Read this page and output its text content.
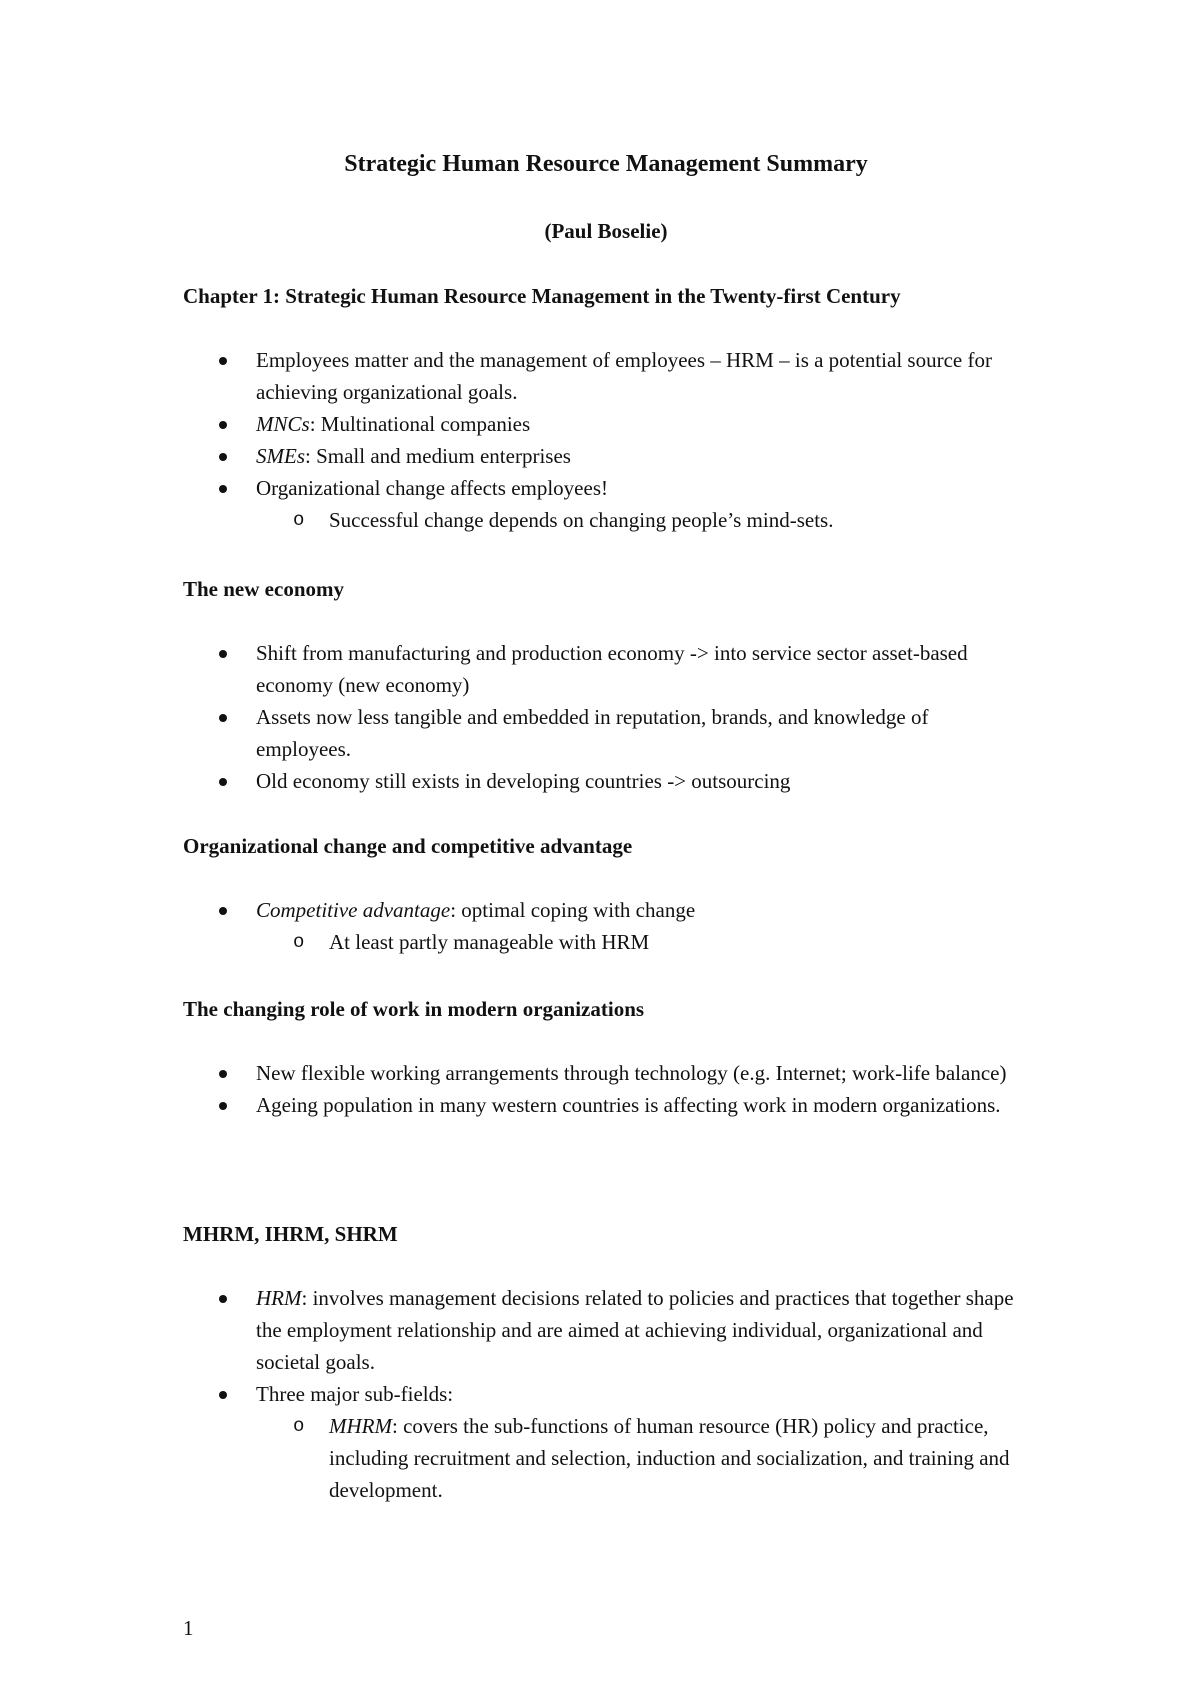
Strategic Human Resource Management Summary
(Paul Boselie)
Chapter 1: Strategic Human Resource Management in the Twenty-first Century
Employees matter and the management of employees – HRM – is a potential source for achieving organizational goals.
MNCs: Multinational companies
SMEs: Small and medium enterprises
Organizational change affects employees!
o Successful change depends on changing people’s mind-sets.
The new economy
Shift from manufacturing and production economy -> into service sector asset-based economy (new economy)
Assets now less tangible and embedded in reputation, brands, and knowledge of employees.
Old economy still exists in developing countries -> outsourcing
Organizational change and competitive advantage
Competitive advantage: optimal coping with change
o At least partly manageable with HRM
The changing role of work in modern organizations
New flexible working arrangements through technology (e.g. Internet; work-life balance)
Ageing population in many western countries is affecting work in modern organizations.
MHRM, IHRM, SHRM
HRM: involves management decisions related to policies and practices that together shape the employment relationship and are aimed at achieving individual, organizational and societal goals.
Three major sub-fields:
o MHRM: covers the sub-functions of human resource (HR) policy and practice, including recruitment and selection, induction and socialization, and training and development.
1
